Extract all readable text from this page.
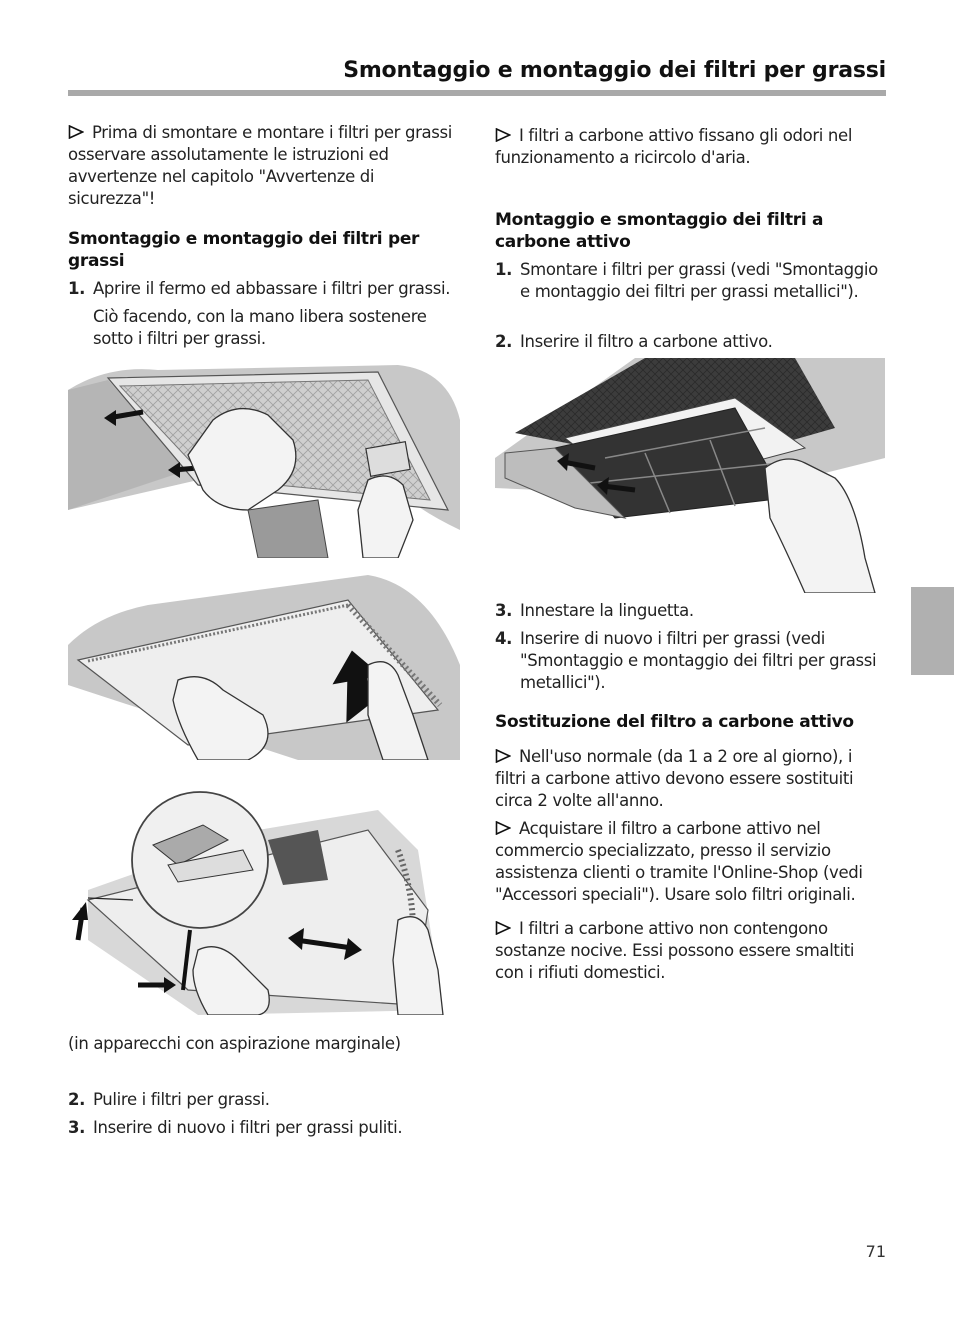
Smontaggio e montaggio dei filtri per grassi
Prima di smontare e montare i filtri per grassi osservare assolutamente le istruzioni ed avvertenze nel capitolo "Avvertenze di sicurezza"!
Smontaggio e montaggio dei filtri per grassi
1. Aprire il fermo ed abbassare i filtri per grassi.
Ciò facendo, con la mano libera sostenere sotto i filtri per grassi.
(in apparecchi con aspirazione marginale)
2. Pulire i filtri per grassi.
3. Inserire di nuovo i filtri per grassi puliti.
I filtri a carbone attivo fissano gli odori nel funzionamento a ricircolo d'aria.
Montaggio e smontaggio dei filtri a carbone attivo
1. Smontare i filtri per grassi (vedi "Smontaggio e montaggio dei filtri per grassi metallici").
2. Inserire il filtro a carbone attivo.
3. Innestare la linguetta.
4. Inserire di nuovo i filtri per grassi (vedi "Smontaggio e montaggio dei filtri per grassi metallici").
Sostituzione del filtro a carbone attivo
Nell'uso normale (da 1 a 2 ore al giorno), i filtri a carbone attivo devono essere sostituiti circa 2 volte all'anno.
Acquistare il filtro a carbone attivo nel commercio specializzato, presso il servizio assistenza clienti o tramite l'Online-Shop (vedi "Accessori speciali"). Usare solo filtri originali.
I filtri a carbone attivo non contengono sostanze nocive. Essi possono essere smaltiti con i rifiuti domestici.
71
